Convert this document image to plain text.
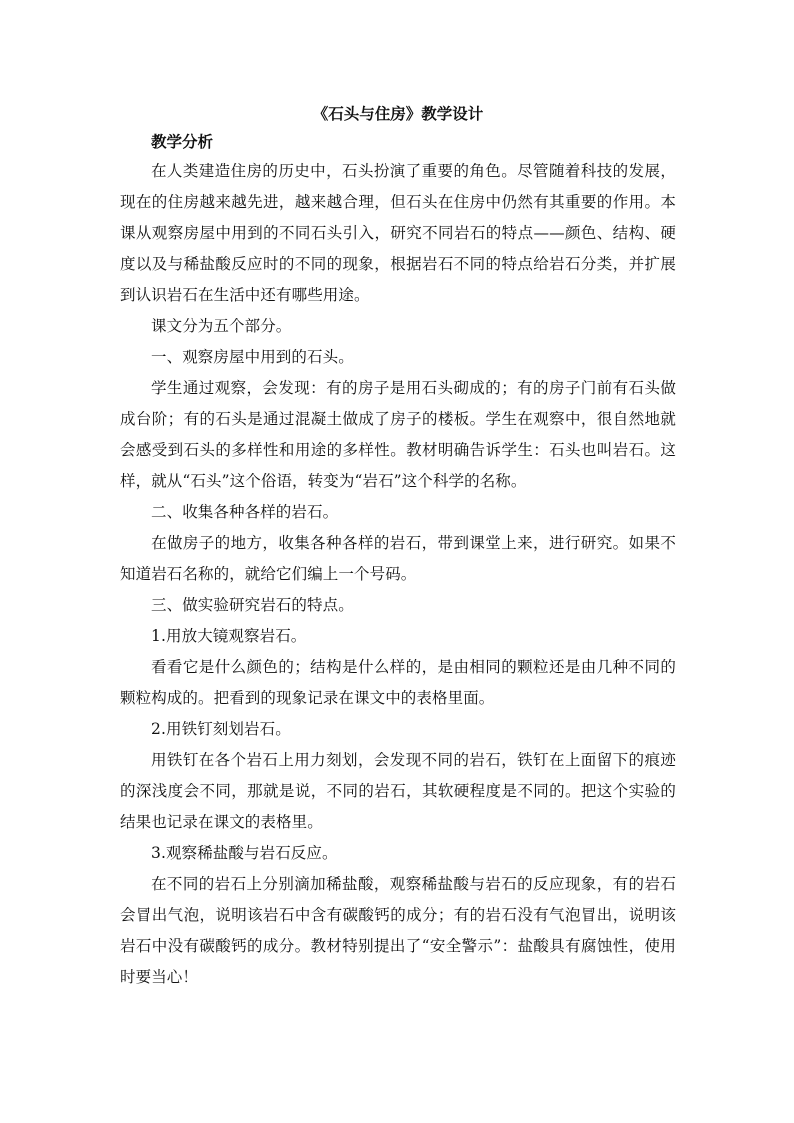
《石头与住房》教学设计
教学分析

在人类建造住房的历史中，石头扮演了重要的角色。尽管随着科技的发展，现在的住房越来越先进，越来越合理，但石头在住房中仍然有其重要的作用。本课从观察房屋中用到的不同石头引入，研究不同岩石的特点——颜色、结构、硬度以及与稀盐酸反应时的不同的现象，根据岩石不同的特点给岩石分类，并扩展到认识岩石在生活中还有哪些用途。

课文分为五个部分。

一、观察房屋中用到的石头。

学生通过观察，会发现：有的房子是用石头砌成的；有的房子门前有石头做成台阶；有的石头是通过混凝土做成了房子的楼板。学生在观察中，很自然地就会感受到石头的多样性和用途的多样性。教材明确告诉学生：石头也叫岩石。这样，就从“石头”这个俗语，转变为“岩石”这个科学的名称。

二、收集各种各样的岩石。

在做房子的地方，收集各种各样的岩石，带到课堂上来，进行研究。如果不知道岩石名称的，就给它们编上一个号码。

三、做实验研究岩石的特点。

1.用放大镜观察岩石。

看看它是什么颜色的；结构是什么样的，是由相同的颗粒还是由几种不同的颗粒构成的。把看到的现象记录在课文中的表格里面。

2.用铁钉刻划岩石。

用铁钉在各个岩石上用力刻划，会发现不同的岩石，铁钉在上面留下的痕迹的深浅度会不同，那就是说，不同的岩石，其软硬程度是不同的。把这个实验的结果也记录在课文的表格里。

3.观察稀盐酸与岩石反应。

在不同的岩石上分别滴加稀盐酸，观察稀盐酸与岩石的反应现象，有的岩石会冒出气泡，说明该岩石中含有碳酸钙的成分；有的岩石没有气泡冒出，说明该岩石中没有碳酸钙的成分。教材特别提出了“安全警示”：盐酸具有腐蚀性，使用时要当心！
